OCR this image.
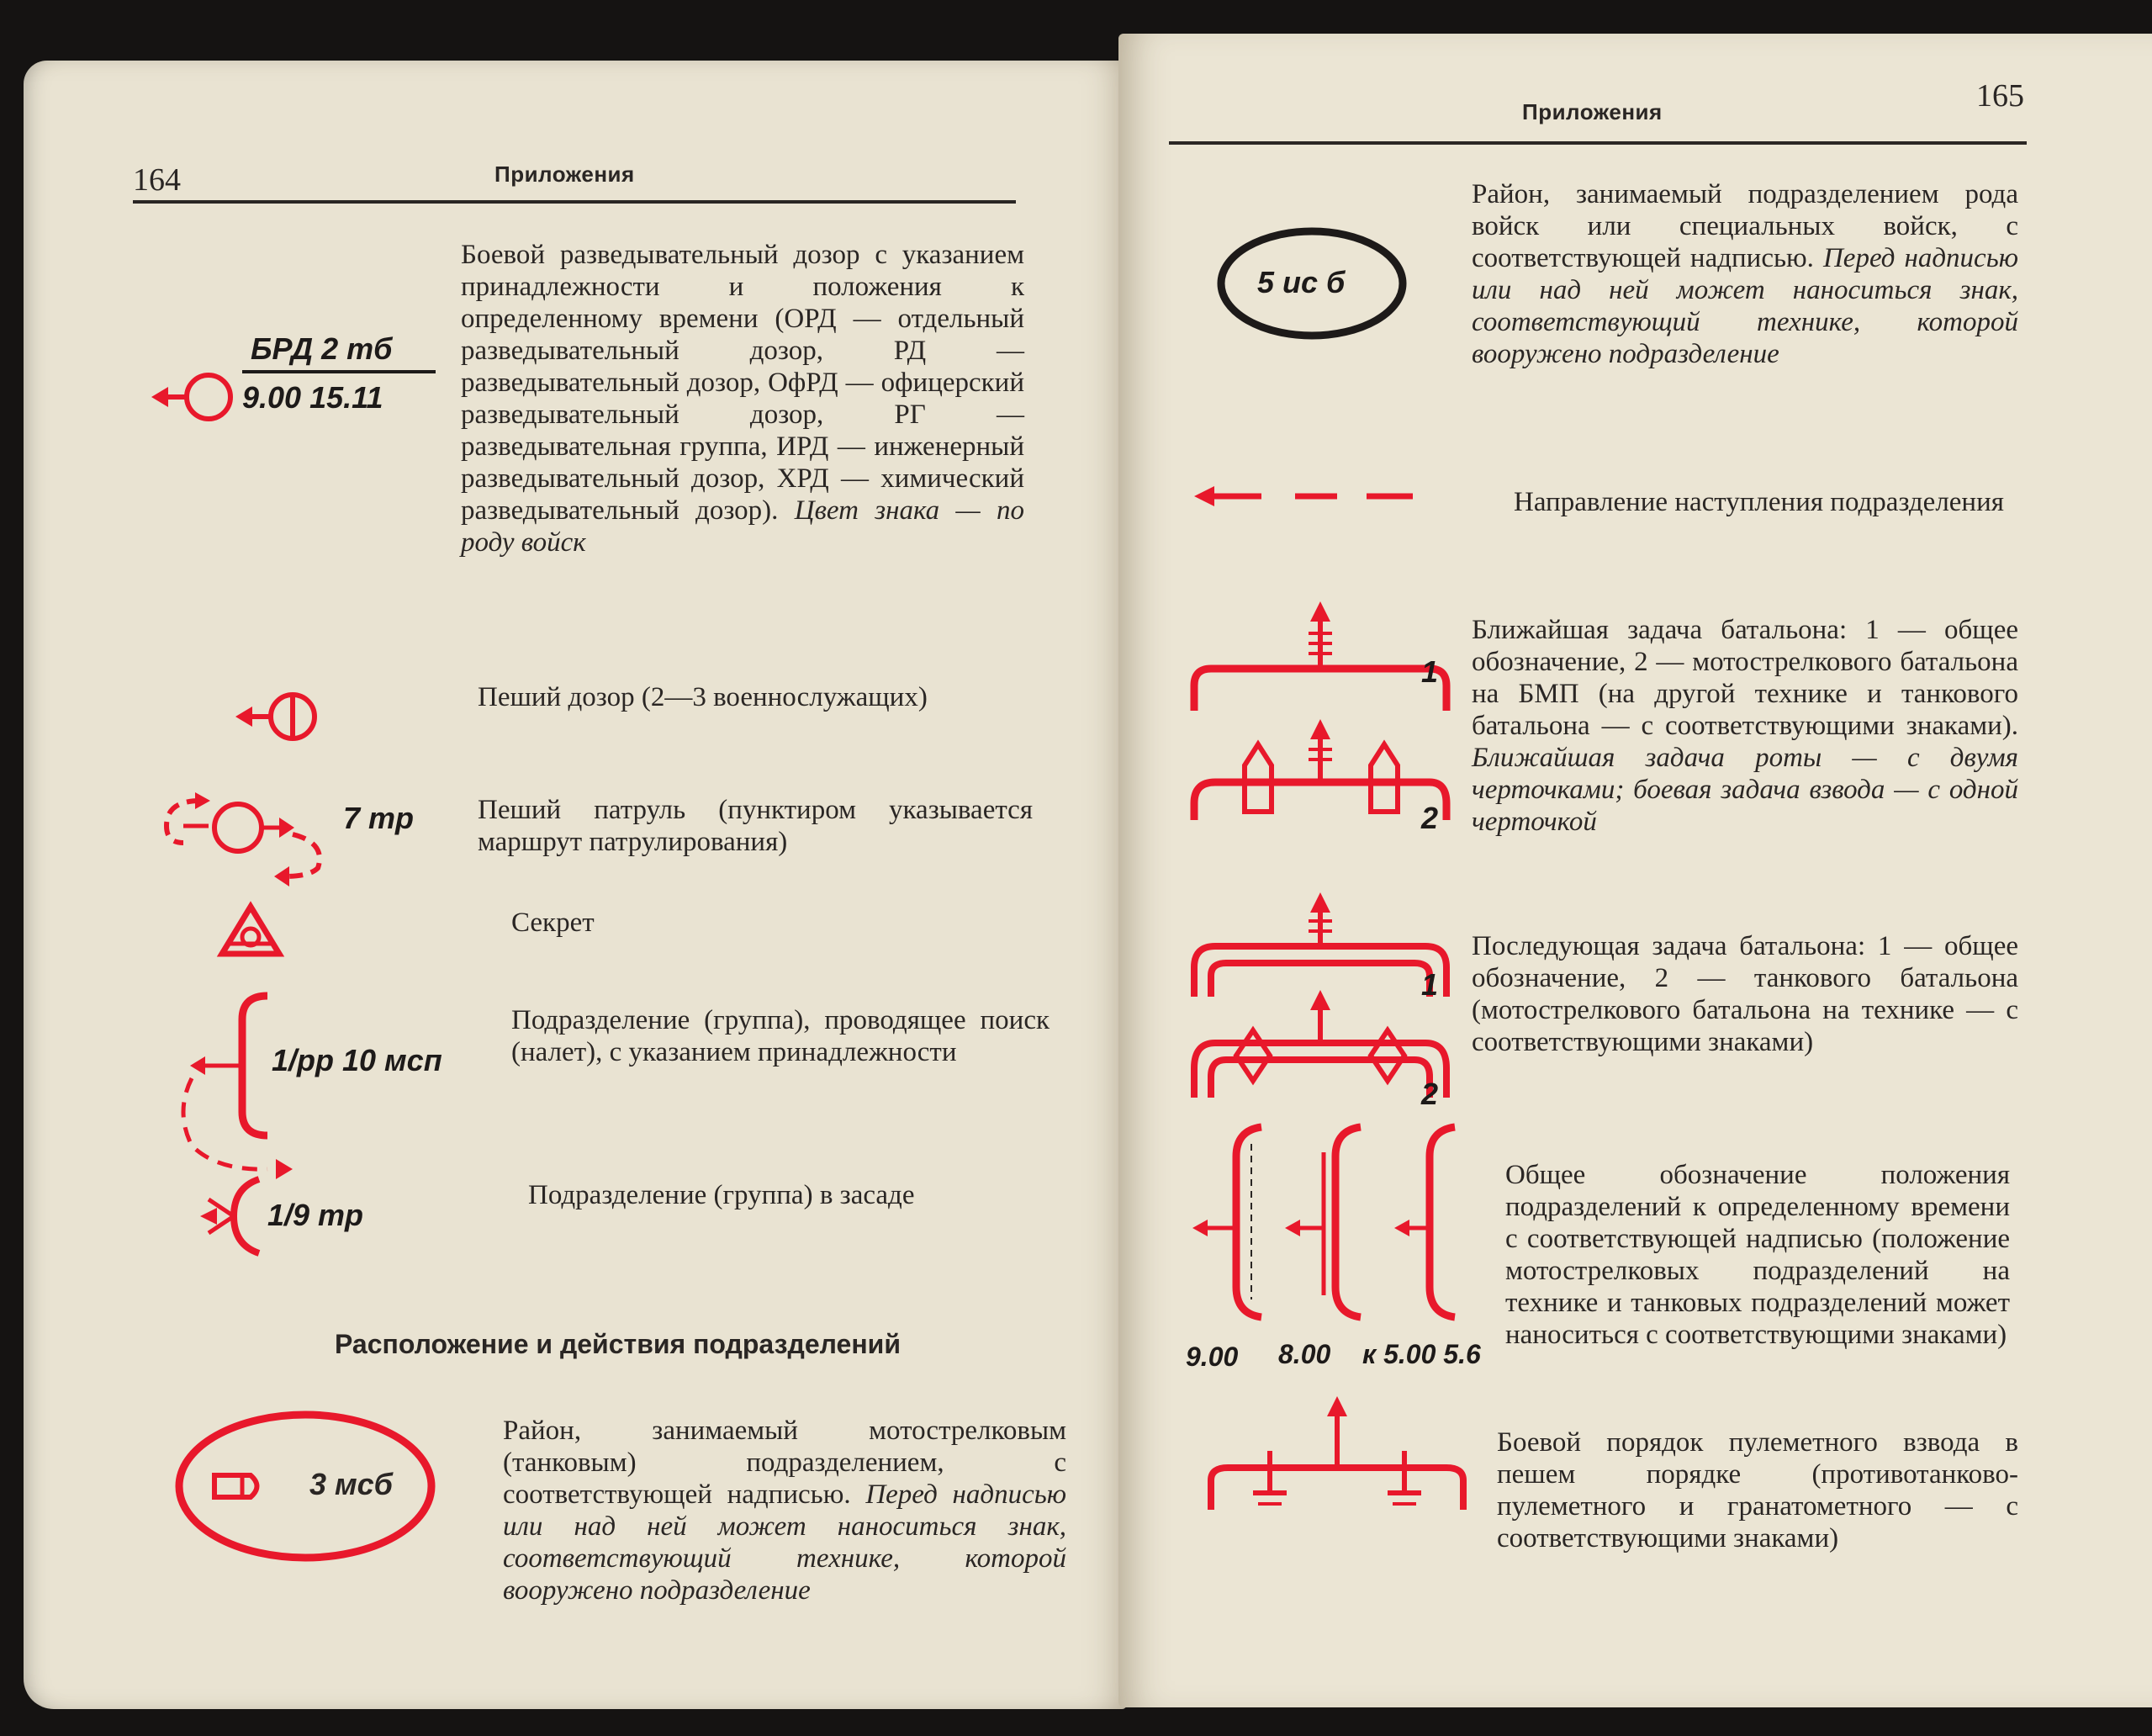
164	Приложения
БРД 2 тб
9.00 15.11
Боевой разведывательный дозор с указанием принадлежности и положения к определенному времени (ОРД — отдельный разведывательный дозор, РД — разведывательный дозор, ОфРД — офицерский разведывательный дозор, РГ — разведывательная группа, ИРД — инженерный разведывательный дозор, ХРД — химический разведывательный дозор). Цвет знака — по роду войск
Пеший дозор (2—3 военнослужащих)
7 тр Пеший патруль (пунктиром указывается маршрут патрулирования)
Секрет
1/рр 10 мсп
Подразделение (группа), проводящее поиск (налет), с указанием принадлежности
1/9 тр
Подразделение (группа) в засаде
Расположение и действия подразделений
3 мсб
Район, занимаемый мотострелковым (танковым) подразделением, с соответствующей надписью. Перед надписью или над ней может наноситься знак, соответствующий технике, которой вооружено подразделение
Приложения	165
5 ис б
Район, занимаемый подразделением рода войск или специальных войск, с соответствующей надписью. Перед надписью или над ней может наноситься знак, соответствующий технике, которой вооружено подразделение
Направление наступления подразделения
1
2
Ближайшая задача батальона: 1 — общее обозначение, 2 — мотострелкового батальона на БМП (на другой технике и танкового батальона — с соответствующими знаками). Ближайшая задача роты — с двумя черточками; боевая задача взвода — с одной черточкой
1
2
Последующая задача батальона: 1 — общее обозначение, 2 — танкового батальона (мотострелкового батальона на технике — с соответствующими знаками)
9.00 8.00 к 5.00 5.6
Общее обозначение положения подразделений к определенному времени с соответствующей надписью (положение мотострелковых подразделений на технике и танковых подразделений может наноситься с соответствующими знаками)
Боевой порядок пулеметного взвода в пешем порядке (противотанково-пулеметного и гранатометного — с соответствующими знаками)
